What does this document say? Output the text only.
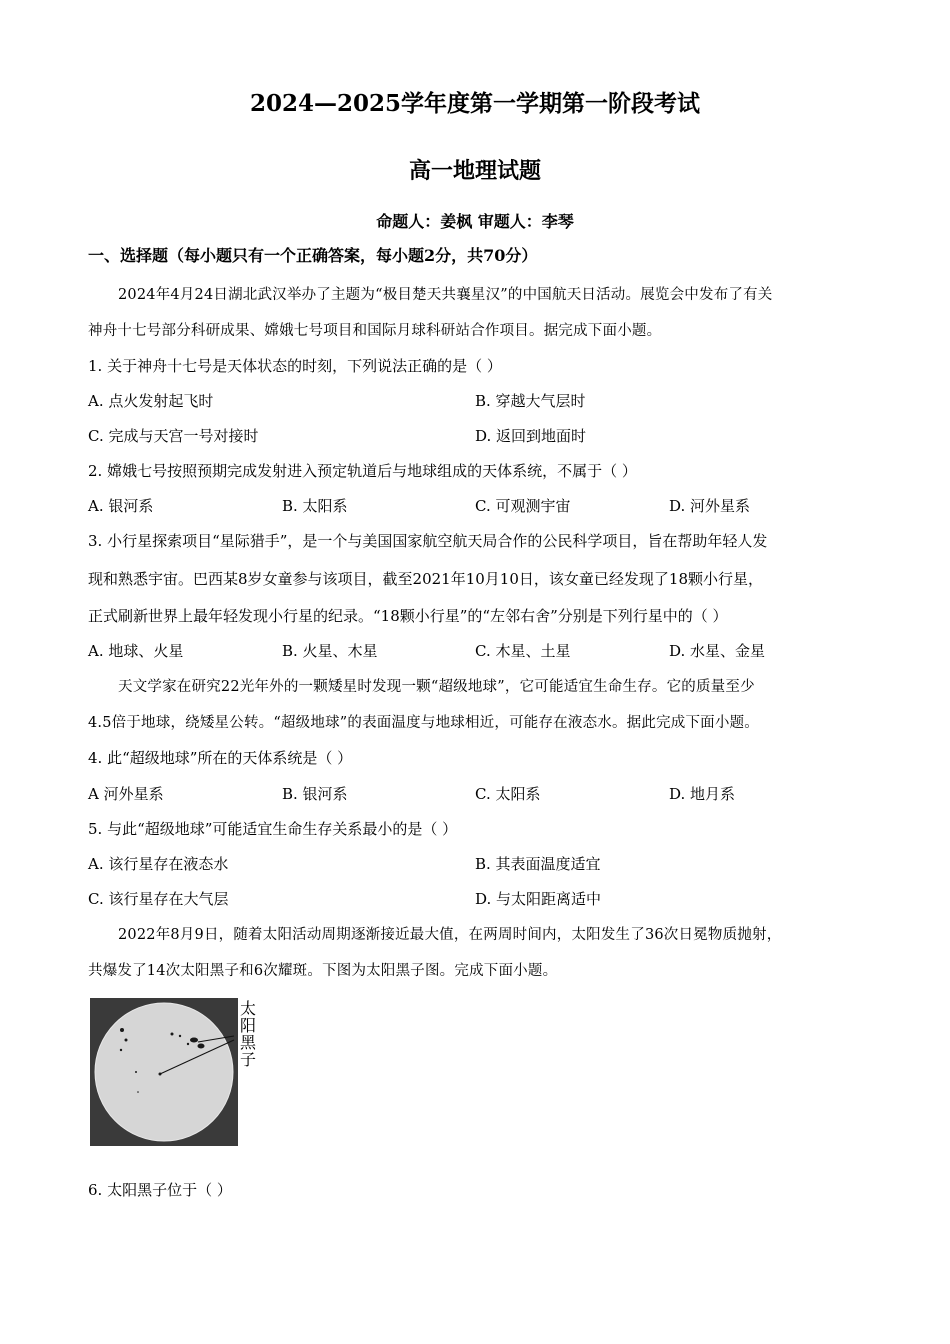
2024—2025学年度第一学期第一阶段考试
高一地理试题
命题人：姜枫 审题人：李琴
一、选择题（每小题只有一个正确答案，每小题2分，共70分）
2024年4月24日湖北武汉举办了主题为“极目楚天共襄星汉”的中国航天日活动。展览会中发布了有关
神舟十七号部分科研成果、嫦娥七号项目和国际月球科研站合作项目。据完成下面小题。
1. 关于神舟十七号是天体状态的时刻，下列说法正确的是（ ）
A. 点火发射起飞时	B. 穿越大气层时
C. 完成与天宫一号对接时	D. 返回到地面时
2. 嫦娥七号按照预期完成发射进入预定轨道后与地球组成的天体系统，不属于（ ）
A. 银河系	B. 太阳系	C. 可观测宇宙	D. 河外星系
3. 小行星探索项目“星际猎手”，是一个与美国国家航空航天局合作的公民科学项目，旨在帮助年轻人发
现和熟悉宇宙。巴西某8岁女童参与该项目，截至2021年10月10日，该女童已经发现了18颗小行星，
正式刷新世界上最年轻发现小行星的纪录。“18颗小行星”的“左邻右舍”分别是下列行星中的（ ）
A. 地球、火星	B. 火星、木星	C. 木星、土星	D. 水星、金星
天文学家在研究22光年外的一颗矮星时发现一颗“超级地球”，它可能适宜生命生存。它的质量至少
4.5倍于地球，绕矮星公转。“超级地球”的表面温度与地球相近，可能存在液态水。据此完成下面小题。
4. 此“超级地球”所在的天体系统是（ ）
A 河外星系	B. 银河系	C. 太阳系	D. 地月系
5. 与此“超级地球”可能适宜生命生存关系最小的是（ ）
A. 该行星存在液态水	B. 其表面温度适宜
C. 该行星存在大气层	D. 与太阳距离适中
2022年8月9日，随着太阳活动周期逐渐接近最大值，在两周时间内，太阳发生了36次日冕物质抛射，
共爆发了14次太阳黑子和6次耀斑。下图为太阳黑子图。完成下面小题。
太
阳
黑
子
6. 太阳黑子位于（ ）
